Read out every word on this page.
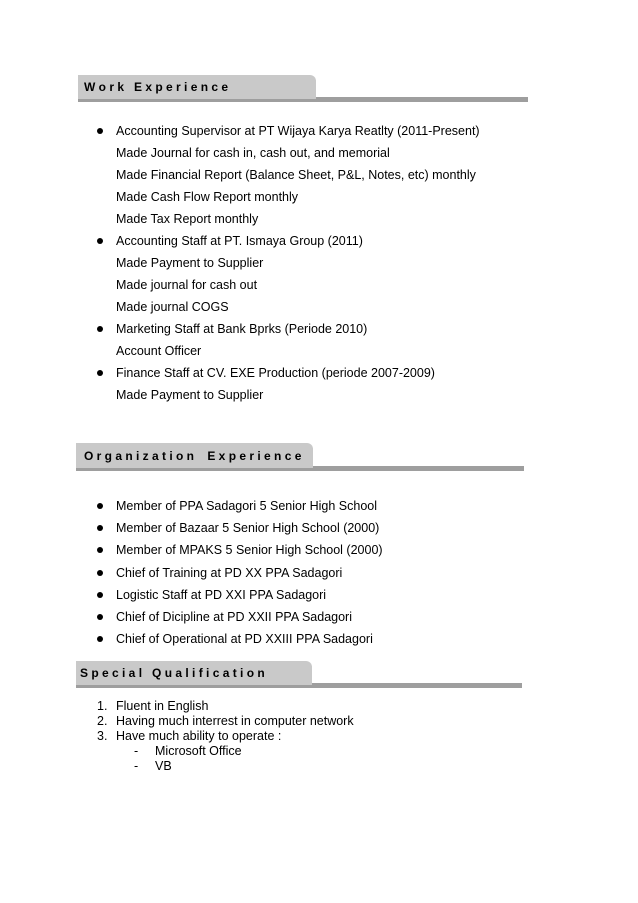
W o r k   E x p e r i e n c e
Accounting Supervisor at PT Wijaya Karya Reatlty (2011-Present)
Made Journal for cash in, cash out, and memorial
Made Financial Report (Balance Sheet, P&L, Notes, etc) monthly
Made Cash Flow Report monthly
Made Tax Report monthly
Accounting Staff at PT. Ismaya Group (2011)
Made Payment to Supplier
Made journal for cash out
Made journal COGS
Marketing Staff at Bank Bprks (Periode 2010)
Account Officer
Finance Staff at CV. EXE Production (periode 2007-2009)
Made Payment to Supplier
O r g a n i z a t i o n    E x p e r i e n c e
Member of PPA Sadagori 5 Senior High School
Member of Bazaar 5 Senior High School (2000)
Member of MPAKS 5 Senior High School (2000)
Chief of Training at PD XX PPA Sadagori
Logistic Staff at PD XXI PPA Sadagori
Chief of Dicipline at PD XXII PPA Sadagori
Chief of Operational at PD XXIII PPA Sadagori
S p e c i a l   Q u a l i f i c a t i o n
1. Fluent in English
2. Having much interrest in computer network
3. Have much ability to operate :
- Microsoft Office
- VB
